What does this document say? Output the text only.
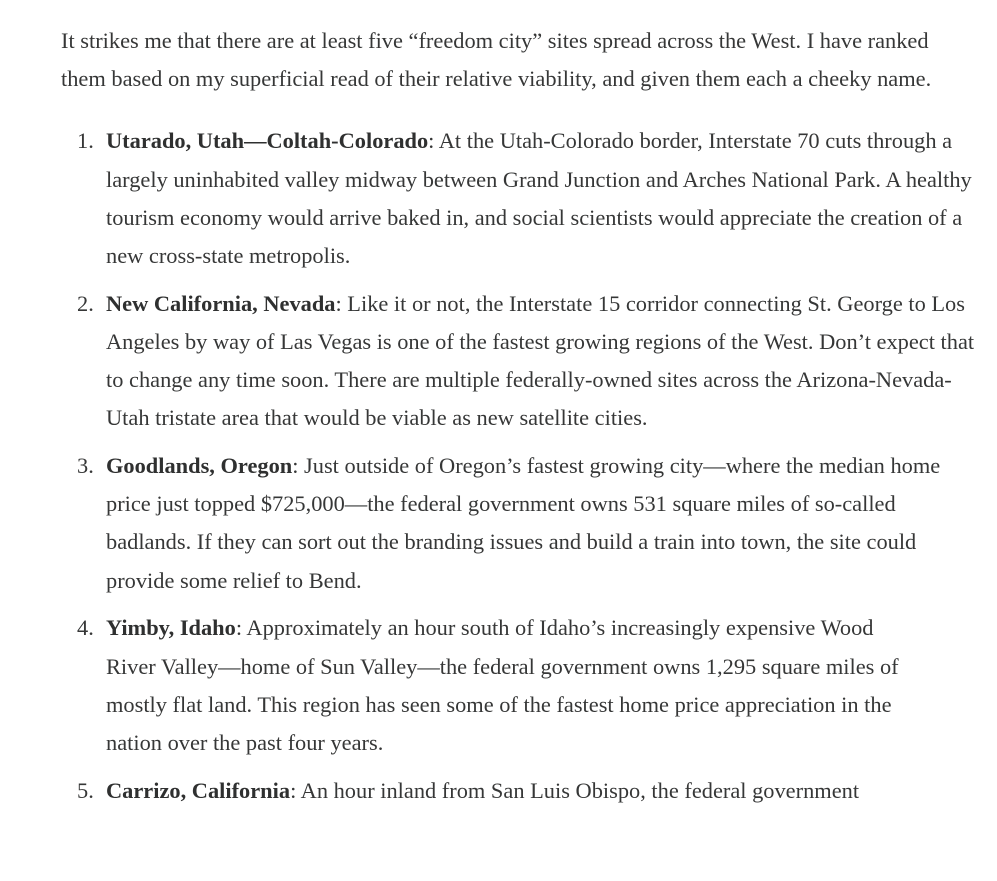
It strikes me that there are at least five “freedom city” sites spread across the West. I have ranked them based on my superficial read of their relative viability, and given them each a cheeky name.

1. Utarado, Utah—Coltah-Colorado: At the Utah-Colorado border, Interstate 70 cuts through a largely uninhabited valley midway between Grand Junction and Arches National Park. A healthy tourism economy would arrive baked in, and social scientists would appreciate the creation of a new cross-state metropolis.
2. New California, Nevada: Like it or not, the Interstate 15 corridor connecting St. George to Los Angeles by way of Las Vegas is one of the fastest growing regions of the West. Don’t expect that to change any time soon. There are multiple federally-owned sites across the Arizona-Nevada-Utah tristate area that would be viable as new satellite cities.
3. Goodlands, Oregon: Just outside of Oregon’s fastest growing city—where the median home price just topped $725,000—the federal government owns 531 square miles of so-called badlands. If they can sort out the branding issues and build a train into town, the site could provide some relief to Bend.
4. Yimby, Idaho: Approximately an hour south of Idaho’s increasingly expensive Wood River Valley—home of Sun Valley—the federal government owns 1,295 square miles of mostly flat land. This region has seen some of the fastest home price appreciation in the nation over the past four years.
5. Carrizo, California: An hour inland from San Luis Obispo, the federal government
